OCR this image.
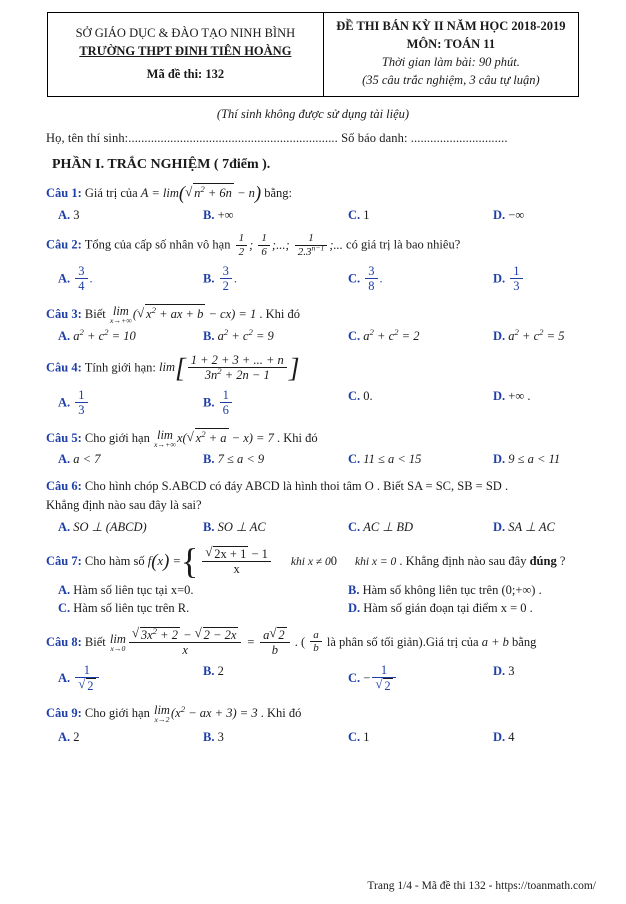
SỞ GIÁO DỤC & ĐÀO TẠO NINH BÌNH
TRƯỜNG THPT ĐINH TIÊN HOÀNG
Mã đề thi: 132

ĐỀ THI BÁN KỲ II NĂM HỌC 2018-2019
MÔN: TOÁN 11
Thời gian làm bài: 90 phút.
(35 câu trắc nghiệm, 3 câu tự luận)
(Thí sinh không được sử dụng tài liệu)
Họ, tên thí sinh:................................................................. Số báo danh: ..............................
PHẦN I. TRẮC NGHIỆM ( 7điểm ).
Câu 1: Giá trị của A = lim( √ $n^2 + 6n - n$) bằng:
A. 3	B. +∞	C. 1	D. −∞
Câu 2: Tổng của cấp số nhân vô hạn $\frac{1}{2}$ ; $\frac{1}{6}$ ;...; $\frac{1}{2.3^{n-1}}$ ;... có giá trị là bao nhiêu?
A. $\frac{3}{4}$ .	B. $\frac{3}{2}$ .	C. $\frac{3}{8}$ .	D. $\frac{1}{3}$
Câu 3: Biết lim
x→+∞ ( √ $x^2$ + ax + b − cx) = 1 . Khi đó
A. $a^2 + c^2 = 10$	B. $a^2 + c^2 = 9$	C. $a^2 + c^2 = 2$	D. $a^2 + c^2 = 5$
Câu 4: Tính giới hạn: $\lim[ \frac{1 + 2 + 3 + ... + n}{3n^2 + 2n - 1}$ ]
A. $\frac{1}{3}$	B. $\frac{1}{6}$	C. 0.	D. +∞ .
Câu 5: Cho giới hạn lim
x→+∞ x( √ $x^2 + a - x) = 7$ . Khi đó
A. a < 7	B. 7 ≤ a < 9	C. 11 ≤ a < 15	D. 9 ≤ a < 11
Câu 6: Cho hình chóp S.ABCD có đáy ABCD là hình thoi tâm O . Biết SA = SC, SB = SD .
Khẳng định nào sau đây là sai?
A. SO ⊥ (ABCD)	B. SO ⊥ AC	C. AC ⊥ BD	D. SA ⊥ AC
Câu 7: Cho hàm số f(x) = { √ $\frac{2x + 1 - 1}{x}$ khi x ≠ 00 khi x = 0 . Khẳng định nào sau đây đúng ?
A. Hàm số liên tục tại x=0.	B. Hàm số không liên tục trên (0;+∞) .
C. Hàm số liên tục trên R.	D. Hàm số gián đoạn tại điểm x = 0 .
Câu 8: Biết lim
x→0 √ $\frac{3x^2 + 2 - √ 2 - 2x}{x} = \frac{a √ 2}{b}$ . ( $\frac{a}{b}$ là phân số tối giản).Giá trị của a + b bằng
A. 1
√ 2	B. 2	C. − 1
√ 2	D. 3
Câu 9: Cho giới hạn lim
x→2 ($x^2$ − ax + 3) = 3 . Khi đó
A. 2	B. 3	C. 1	D. 4
Trang 1/4 - Mã đề thi 132 - https://toanmath.com/
